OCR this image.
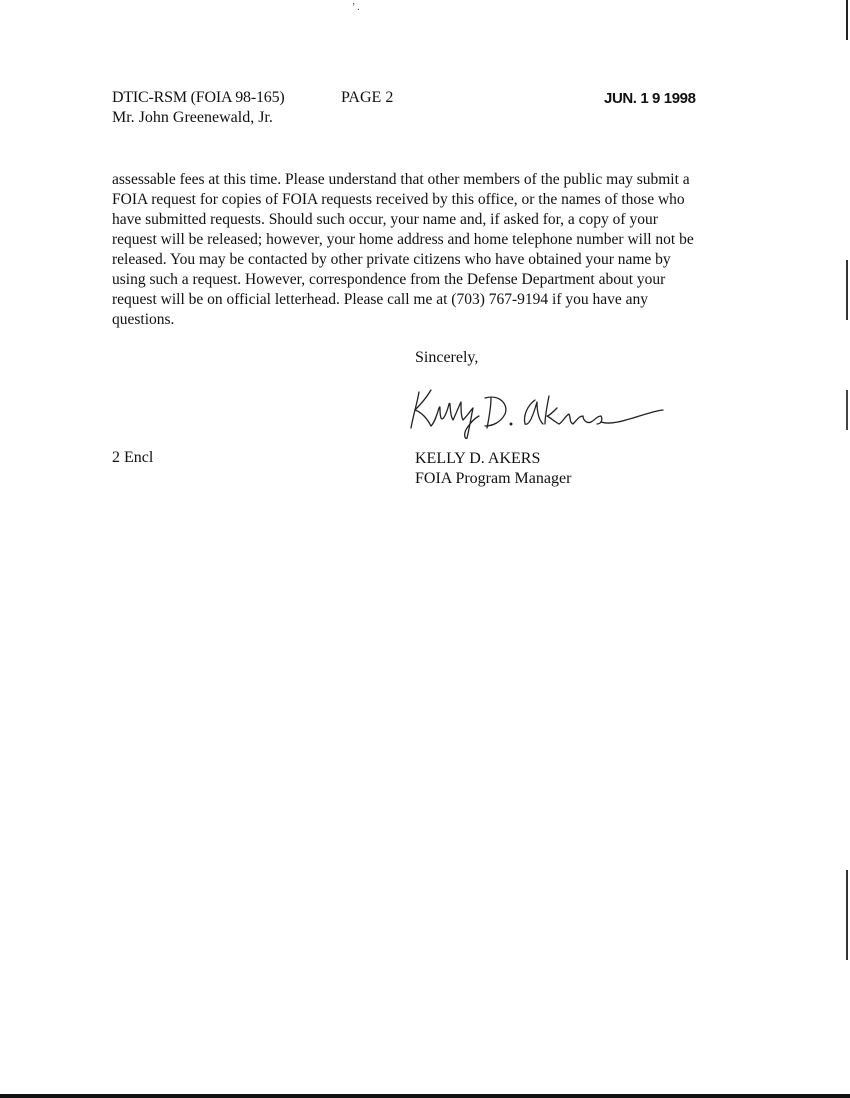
’ .
DTIC-RSM (FOIA 98-165)	PAGE 2	JUN. 1 9 1998
Mr. John Greenewald, Jr.
assessable fees at this time. Please understand that other members of the public may submit a
FOIA request for copies of FOIA requests received by this office, or the names of those who
have submitted requests. Should such occur, your name and, if asked for, a copy of your
request will be released; however, your home address and home telephone number will not be
released. You may be contacted by other private citizens who have obtained your name by
using such a request. However, correspondence from the Defense Department about your
request will be on official letterhead. Please call me at (703) 767-9194 if you have any
questions.
Sincerely,
2 Encl	KELLY D. AKERS
FOIA Program Manager
